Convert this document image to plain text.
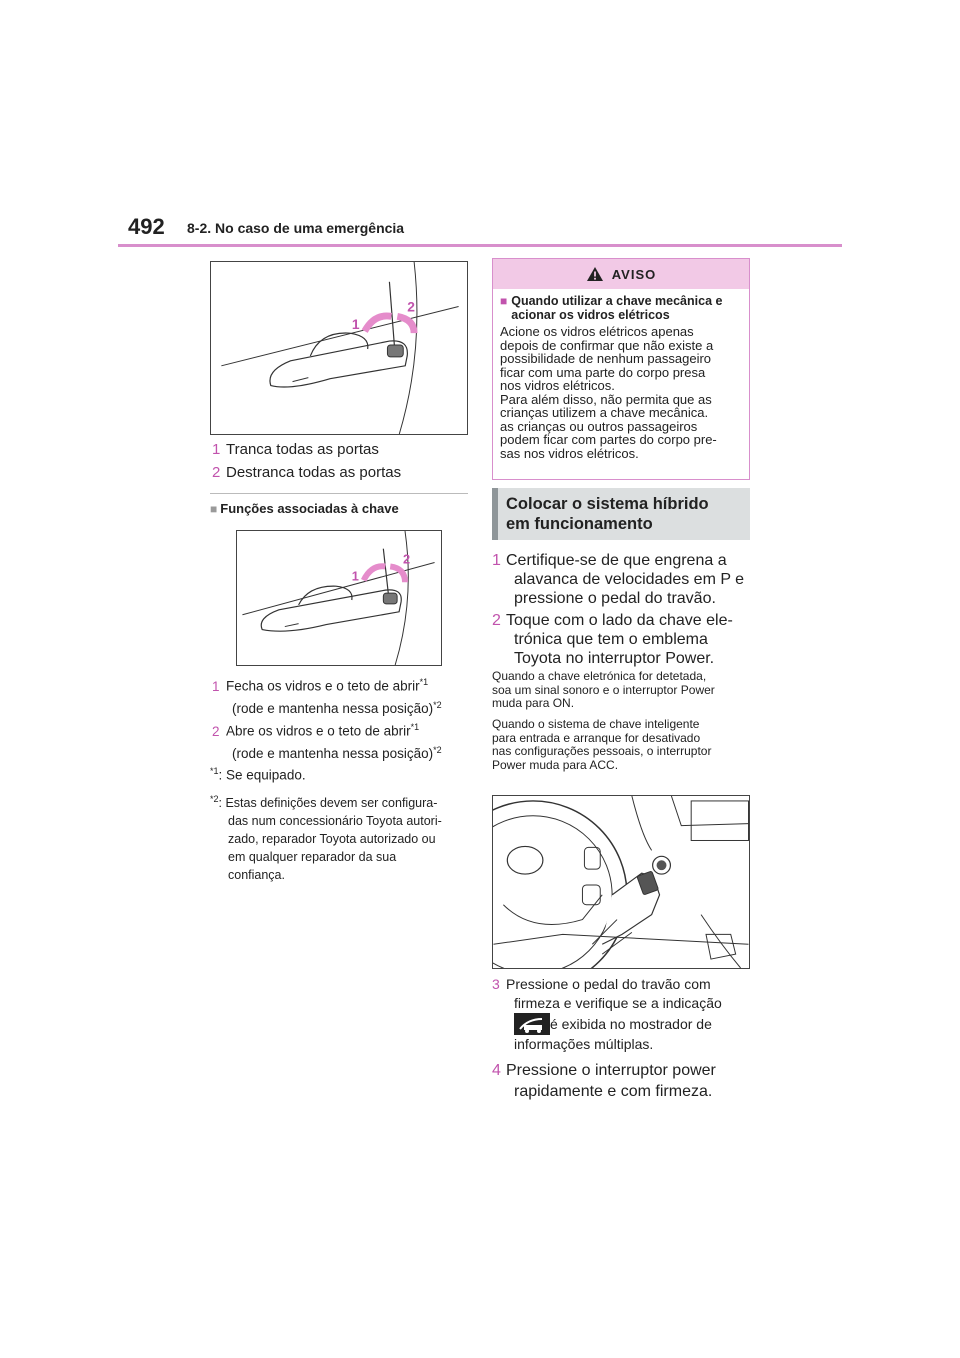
492 8-2. No caso de uma emergência
1
2
1 Tranca todas as portas
2 Destranca todas as portas
■ Funções associadas à chave
1
2
1 Fecha os vidros e o teto de abrir$^{*1}$
(rode e mantenha nessa posição)$^{*2}$
2 Abre os vidros e o teto de abrir$^{*1}$
(rode e mantenha nessa posição)$^{*2}$
$^{*1}$: Se equipado.
$^{*2}$: Estas definições devem ser configura-
das num concessionário Toyota autori-
zado, reparador Toyota autorizado ou
em qualquer reparador da sua
confiança.
AVISO
■ Quando utilizar a chave mecânica e
acionar os vidros elétricos
Acione os vidros elétricos apenas
depois de confirmar que não existe a
possibilidade de nenhum passageiro
ficar com uma parte do corpo presa
nos vidros elétricos.
Para além disso, não permita que as
crianças utilizem a chave mecânica.
as crianças ou outros passageiros
podem ficar com partes do corpo pre-
sas nos vidros elétricos.
Colocar o sistema híbrido
em funcionamento
1 Certifique-se de que engrena a
alavanca de velocidades em P e
pressione o pedal do travão.
2 Toque com o lado da chave ele-
trónica que tem o emblema
Toyota no interruptor Power.
Quando a chave eletrónica for detetada,
soa um sinal sonoro e o interruptor Power
muda para ON.
Quando o sistema de chave inteligente
para entrada e arranque for desativado
nas configurações pessoais, o interruptor
Power muda para ACC.
3 Pressione o pedal do travão com
firmeza e verifique se a indicação
é exibida no mostrador de
informações múltiplas.
4 Pressione o interruptor power
rapidamente e com firmeza.
